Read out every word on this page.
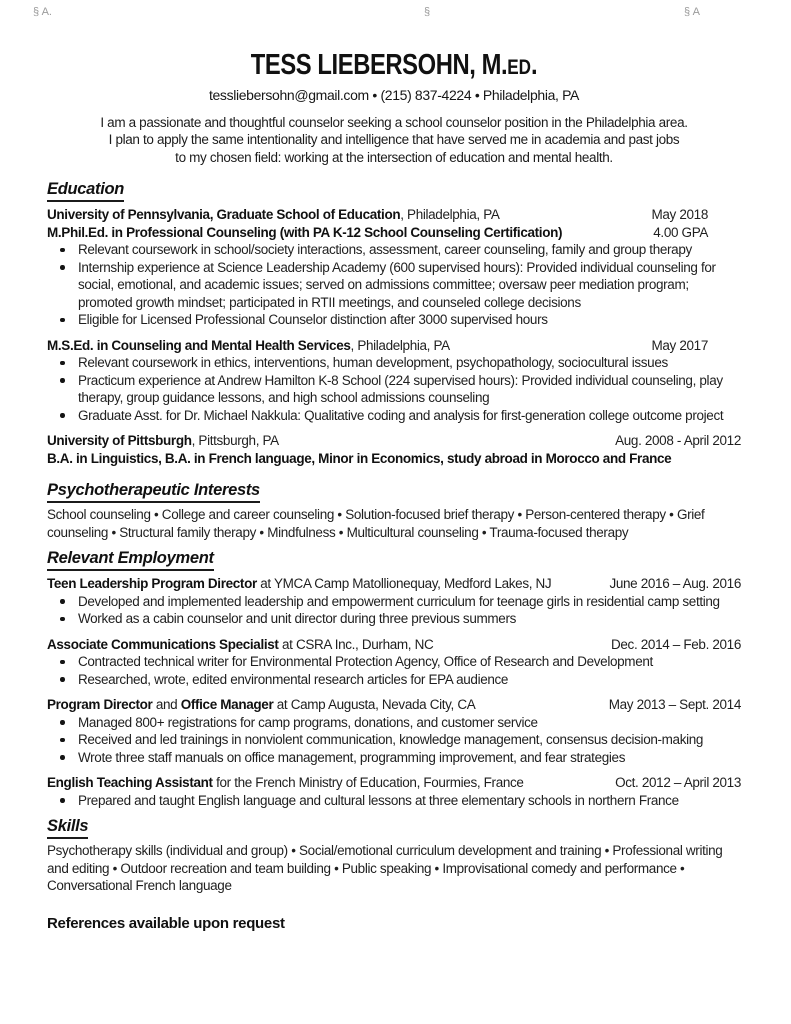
§ A.	§	§ A
TESS LIEBERSOHN, M.ED.
tessliebersohn@gmail.com • (215) 837-4224 • Philadelphia, PA
I am a passionate and thoughtful counselor seeking a school counselor position in the Philadelphia area.
I plan to apply the same intentionality and intelligence that have served me in academia and past jobs
to my chosen field: working at the intersection of education and mental health.
Education
University of Pennsylvania, Graduate School of Education, Philadelphia, PA	May 2018
M.Phil.Ed. in Professional Counseling (with PA K-12 School Counseling Certification)	4.00 GPA
Relevant coursework in school/society interactions, assessment, career counseling, family and group therapy
Internship experience at Science Leadership Academy (600 supervised hours): Provided individual counseling for social, emotional, and academic issues; served on admissions committee; oversaw peer mediation program; promoted growth mindset; participated in RTII meetings, and counseled college decisions
Eligible for Licensed Professional Counselor distinction after 3000 supervised hours
M.S.Ed. in Counseling and Mental Health Services, Philadelphia, PA	May 2017
Relevant coursework in ethics, interventions, human development, psychopathology, sociocultural issues
Practicum experience at Andrew Hamilton K-8 School (224 supervised hours): Provided individual counseling, play therapy, group guidance lessons, and high school admissions counseling
Graduate Asst. for Dr. Michael Nakkula: Qualitative coding and analysis for first-generation college outcome project
University of Pittsburgh, Pittsburgh, PA	Aug. 2008 - April 2012
B.A. in Linguistics, B.A. in French language, Minor in Economics, study abroad in Morocco and France
Psychotherapeutic Interests
School counseling • College and career counseling • Solution-focused brief therapy • Person-centered therapy • Grief
counseling • Structural family therapy • Mindfulness • Multicultural counseling • Trauma-focused therapy
Relevant Employment
Teen Leadership Program Director at YMCA Camp Matollionequay, Medford Lakes, NJ	June 2016 – Aug. 2016
Developed and implemented leadership and empowerment curriculum for teenage girls in residential camp setting
Worked as a cabin counselor and unit director during three previous summers
Associate Communications Specialist at CSRA Inc., Durham, NC	Dec. 2014 – Feb. 2016
Contracted technical writer for Environmental Protection Agency, Office of Research and Development
Researched, wrote, edited environmental research articles for EPA audience
Program Director and Office Manager at Camp Augusta, Nevada City, CA	May 2013 – Sept. 2014
Managed 800+ registrations for camp programs, donations, and customer service
Received and led trainings in nonviolent communication, knowledge management, consensus decision-making
Wrote three staff manuals on office management, programming improvement, and fear strategies
English Teaching Assistant for the French Ministry of Education, Fourmies, France	Oct. 2012 – April 2013
Prepared and taught English language and cultural lessons at three elementary schools in northern France
Skills
Psychotherapy skills (individual and group) • Social/emotional curriculum development and training • Professional writing
and editing • Outdoor recreation and team building • Public speaking • Improvisational comedy and performance •
Conversational French language
References available upon request
